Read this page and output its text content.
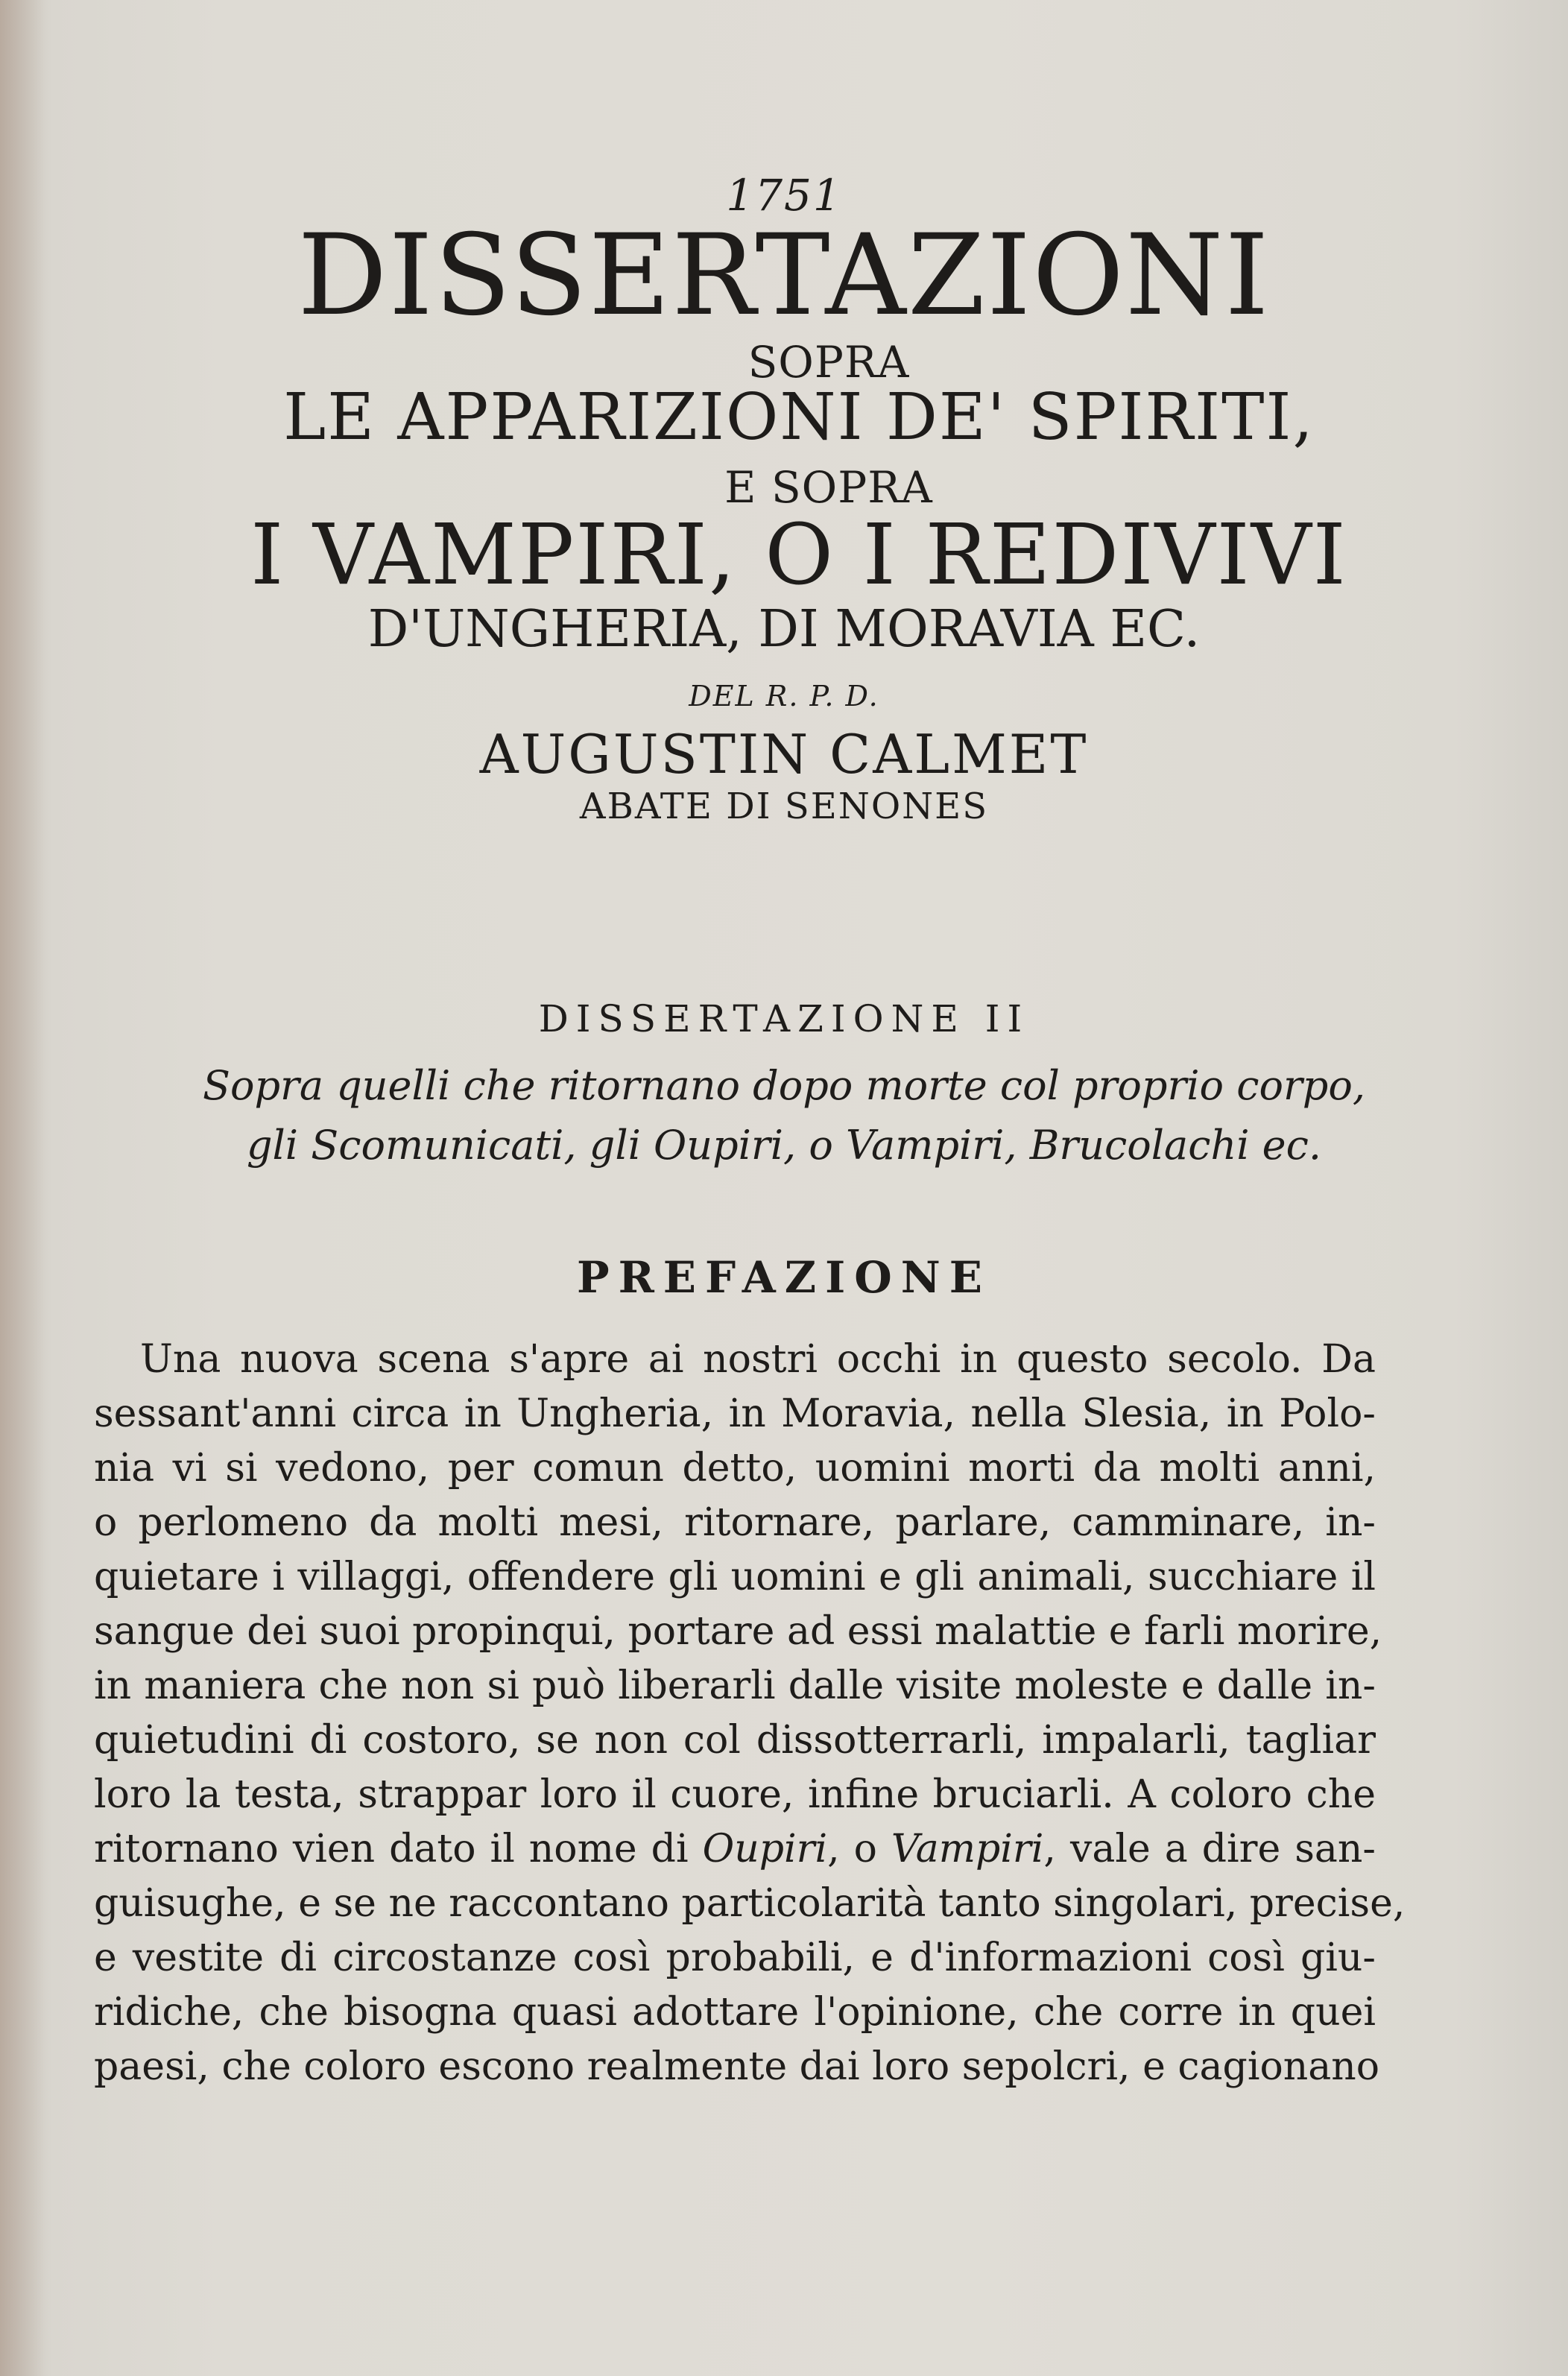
1751
DISSERTAZIONI
SOPRA
LE APPARIZIONI DE' SPIRITI,
E SOPRA
I VAMPIRI, O I REDIVIVI
D'UNGHERIA, DI MORAVIA EC.
DEL R. P. D.
AUGUSTIN CALMET
ABATE DI SENONES
DISSERTAZIONE II
Sopra quelli che ritornano dopo morte col proprio corpo,
gli Scomunicati, gli Oupiri, o Vampiri, Brucolachi ec.
PREFAZIONE
Una nuova scena s'apre ai nostri occhi in questo secolo. Da
sessant'anni circa in Ungheria, in Moravia, nella Slesia, in Polo-
nia vi si vedono, per comun detto, uomini morti da molti anni,
o perlomeno da molti mesi, ritornare, parlare, camminare, in-
quietare i villaggi, offendere gli uomini e gli animali, succhiare il
sangue dei suoi propinqui, portare ad essi malattie e farli morire,
in maniera che non si può liberarli dalle visite moleste e dalle in-
quietudini di costoro, se non col dissotterrarli, impalarli, tagliar
loro la testa, strappar loro il cuore, infine bruciarli. A coloro che
ritornano vien dato il nome di Oupiri, o Vampiri, vale a dire san-
guisughe, e se ne raccontano particolarità tanto singolari, precise,
e vestite di circostanze così probabili, e d'informazioni così giu-
ridiche, che bisogna quasi adottare l'opinione, che corre in quei
paesi, che coloro escono realmente dai loro sepolcri, e cagionano
